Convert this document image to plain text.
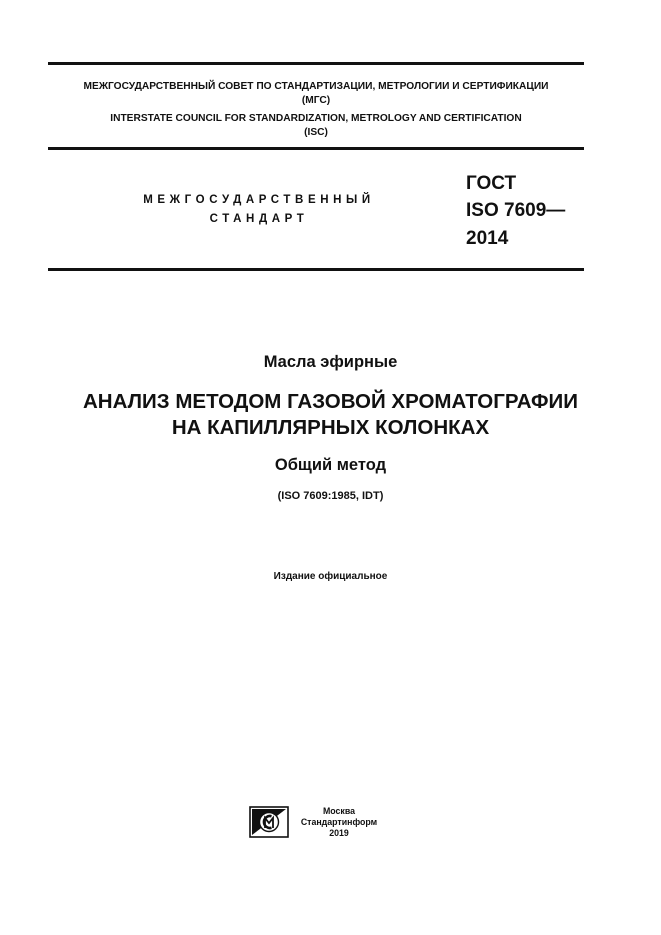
МЕЖГОСУДАРСТВЕННЫЙ СОВЕТ ПО СТАНДАРТИЗАЦИИ, МЕТРОЛОГИИ И СЕРТИФИКАЦИИ

(МГС)

INTERSTATE COUNCIL FOR STANDARDIZATION, METROLOGY AND CERTIFICATION

(ISC)

МЕЖГОСУДАРСТВЕННЫЙ

СТАНДАРТ

ГОСТ

ISO 7609—

2014

Масла эфирные

АНАЛИЗ МЕТОДОМ ГАЗОВОЙ ХРОМАТОГРАФИИ

НА КАПИЛЛЯРНЫХ КОЛОНКАХ

Общий метод

(ISO 7609:1985, IDT)

Издание официальное

Москва
Стандартинформ
2019
